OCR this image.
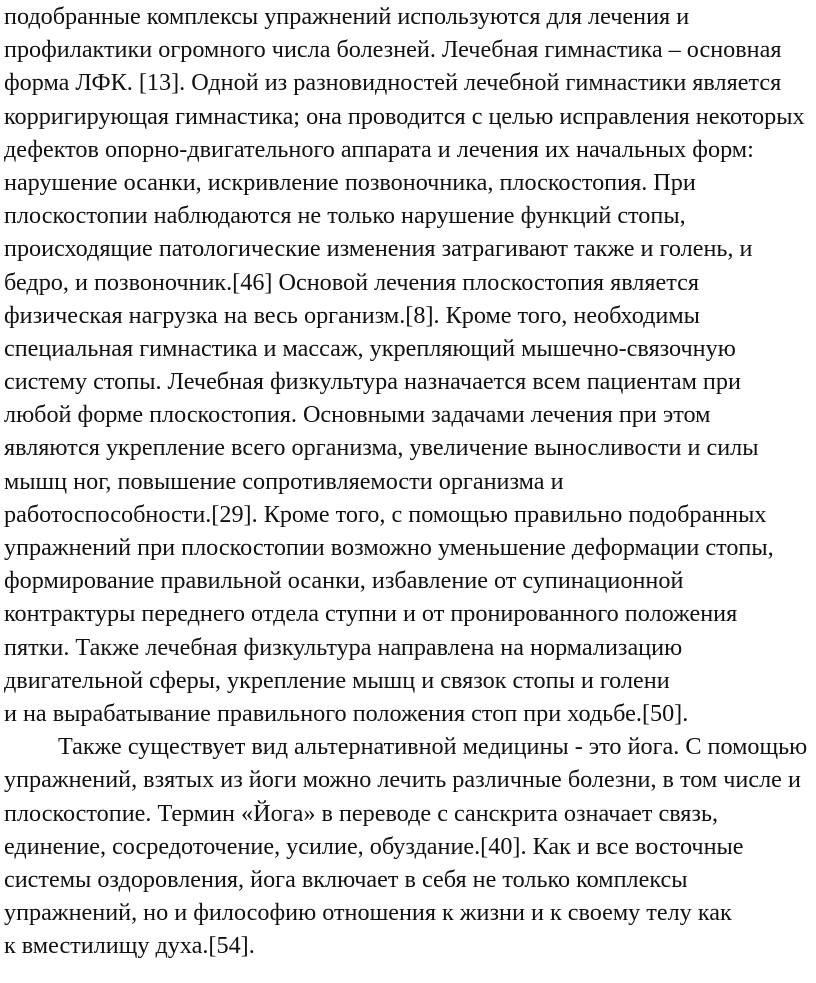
подобранные комплексы упражнений используются для лечения и
профилактики огромного числа болезней. Лечебная гимнастика – основная
форма ЛФК. [13]. Одной из разновидностей лечебной гимнастики является
корригирующая гимнастика; она проводится с целью исправления некоторых
дефектов опорно-двигательного аппарата и лечения их начальных форм:
нарушение осанки, искривление позвоночника, плоскостопия. При
плоскостопии наблюдаются не только нарушение функций стопы,
происходящие патологические изменения затрагивают также и голень, и
бедро, и позвоночник.[46] Основой лечения плоскостопия является
физическая нагрузка на весь организм.[8]. Кроме того, необходимы
специальная гимнастика и массаж, укрепляющий мышечно-связочную
систему стопы. Лечебная физкультура назначается всем пациентам при
любой форме плоскостопия. Основными задачами лечения при этом
являются укрепление всего организма, увеличение выносливости и силы
мышц ног, повышение сопротивляемости организма и
работоспособности.[29]. Кроме того, с помощью правильно подобранных
упражнений при плоскостопии возможно уменьшение деформации стопы,
формирование правильной осанки, избавление от супинационной
контрактуры переднего отдела ступни и от пронированного положения
пятки. Также лечебная физкультура направлена на нормализацию
двигательной сферы, укрепление мышц и связок стопы и голени
и на вырабатывание правильного положения стоп при ходьбе.[50].
Также существует вид альтернативной медицины - это йога. С помощью
упражнений, взятых из йоги можно лечить различные болезни, в том числе и
плоскостопие. Термин «Йога» в переводе с санскрита означает связь,
единение, сосредоточение, усилие, обуздание.[40]. Как и все восточные
системы оздоровления, йога включает в себя не только комплексы
упражнений, но и философию отношения к жизни и к своему телу как
к вместилищу духа.[54].
